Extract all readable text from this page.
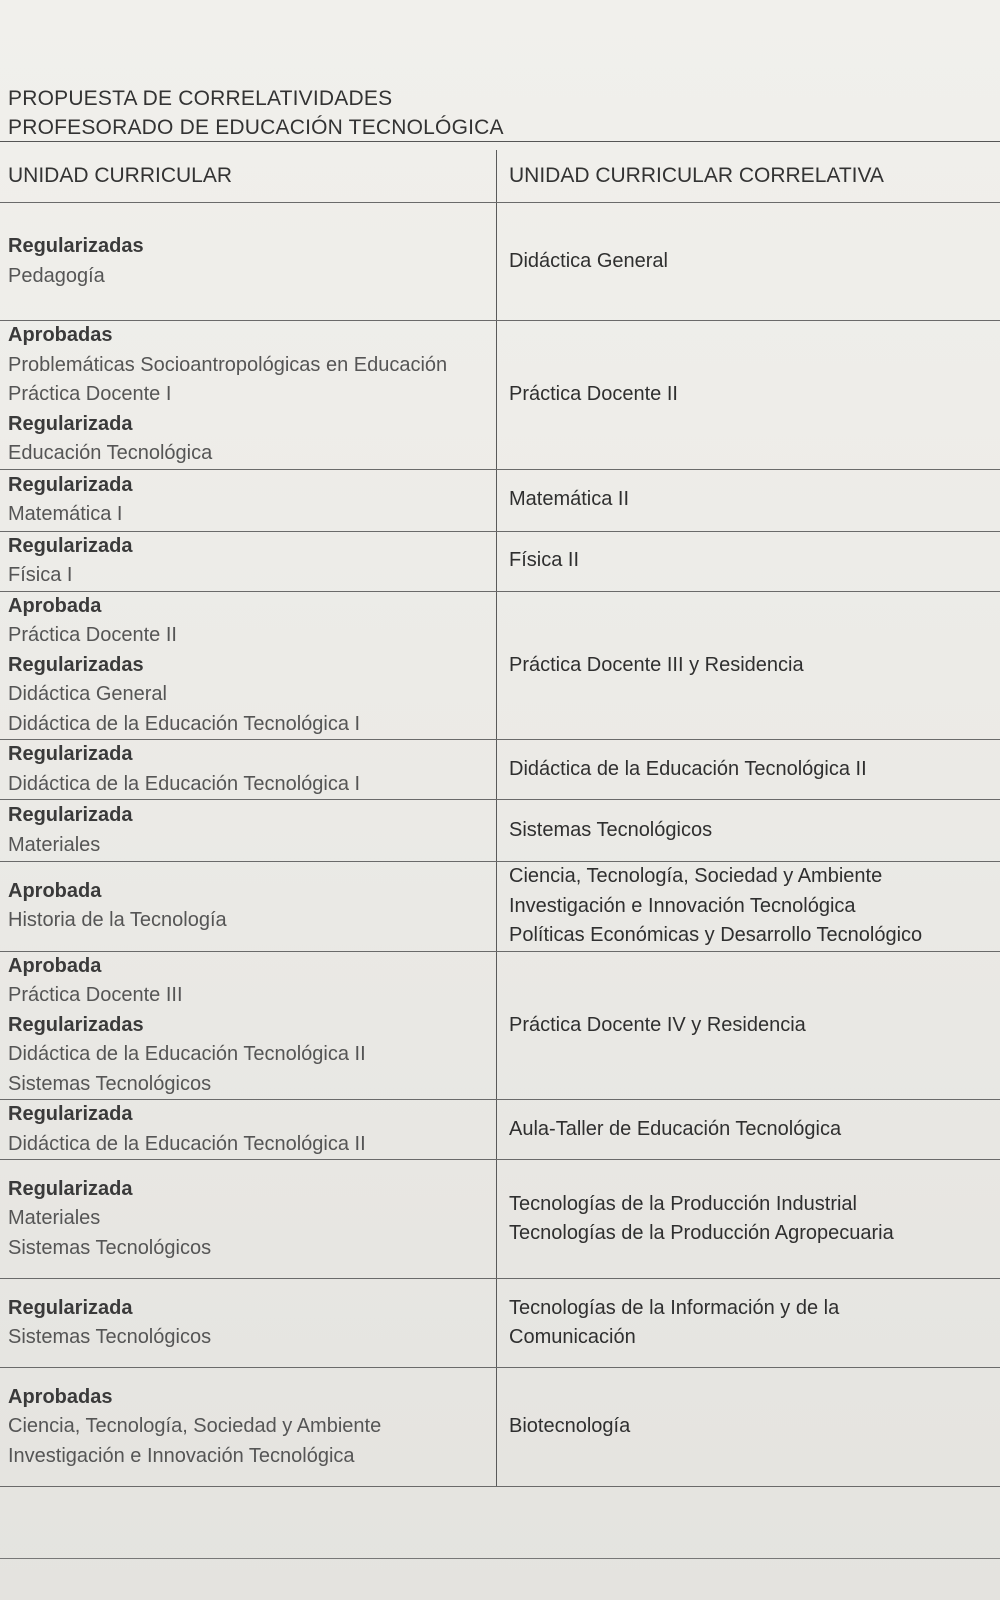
PROPUESTA DE CORRELATIVIDADES
PROFESORADO DE EDUCACIÓN TECNOLÓGICA
UNIDAD CURRICULAR	UNIDAD CURRICULAR CORRELATIVA

Regularizadas
Pedagogía	Didáctica General

Aprobadas
Problemáticas Socioantropológicas en Educación
Práctica Docente I
Regularizada
Educación Tecnológica	Práctica Docente II

Regularizada
Matemática I	Matemática II

Regularizada
Física I	Física II

Aprobada
Práctica Docente II
Regularizadas
Didáctica General
Didáctica de la Educación Tecnológica I	Práctica Docente III y Residencia

Regularizada
Didáctica de la Educación Tecnológica I	Didáctica de la Educación Tecnológica II

Regularizada
Materiales	Sistemas Tecnológicos

Aprobada
Historia de la Tecnología	Ciencia, Tecnología, Sociedad y Ambiente
Investigación e Innovación Tecnológica
Políticas Económicas y Desarrollo Tecnológico

Aprobada
Práctica Docente III
Regularizadas
Didáctica de la Educación Tecnológica II
Sistemas Tecnológicos	Práctica Docente IV y Residencia

Regularizada
Didáctica de la Educación Tecnológica II	Aula-Taller de Educación Tecnológica

Regularizada
Materiales
Sistemas Tecnológicos	Tecnologías de la Producción Industrial
Tecnologías de la Producción Agropecuaria

Regularizada
Sistemas Tecnológicos	Tecnologías de la Información y de la
Comunicación

Aprobadas
Ciencia, Tecnología, Sociedad y Ambiente
Investigación e Innovación Tecnológica	Biotecnología
